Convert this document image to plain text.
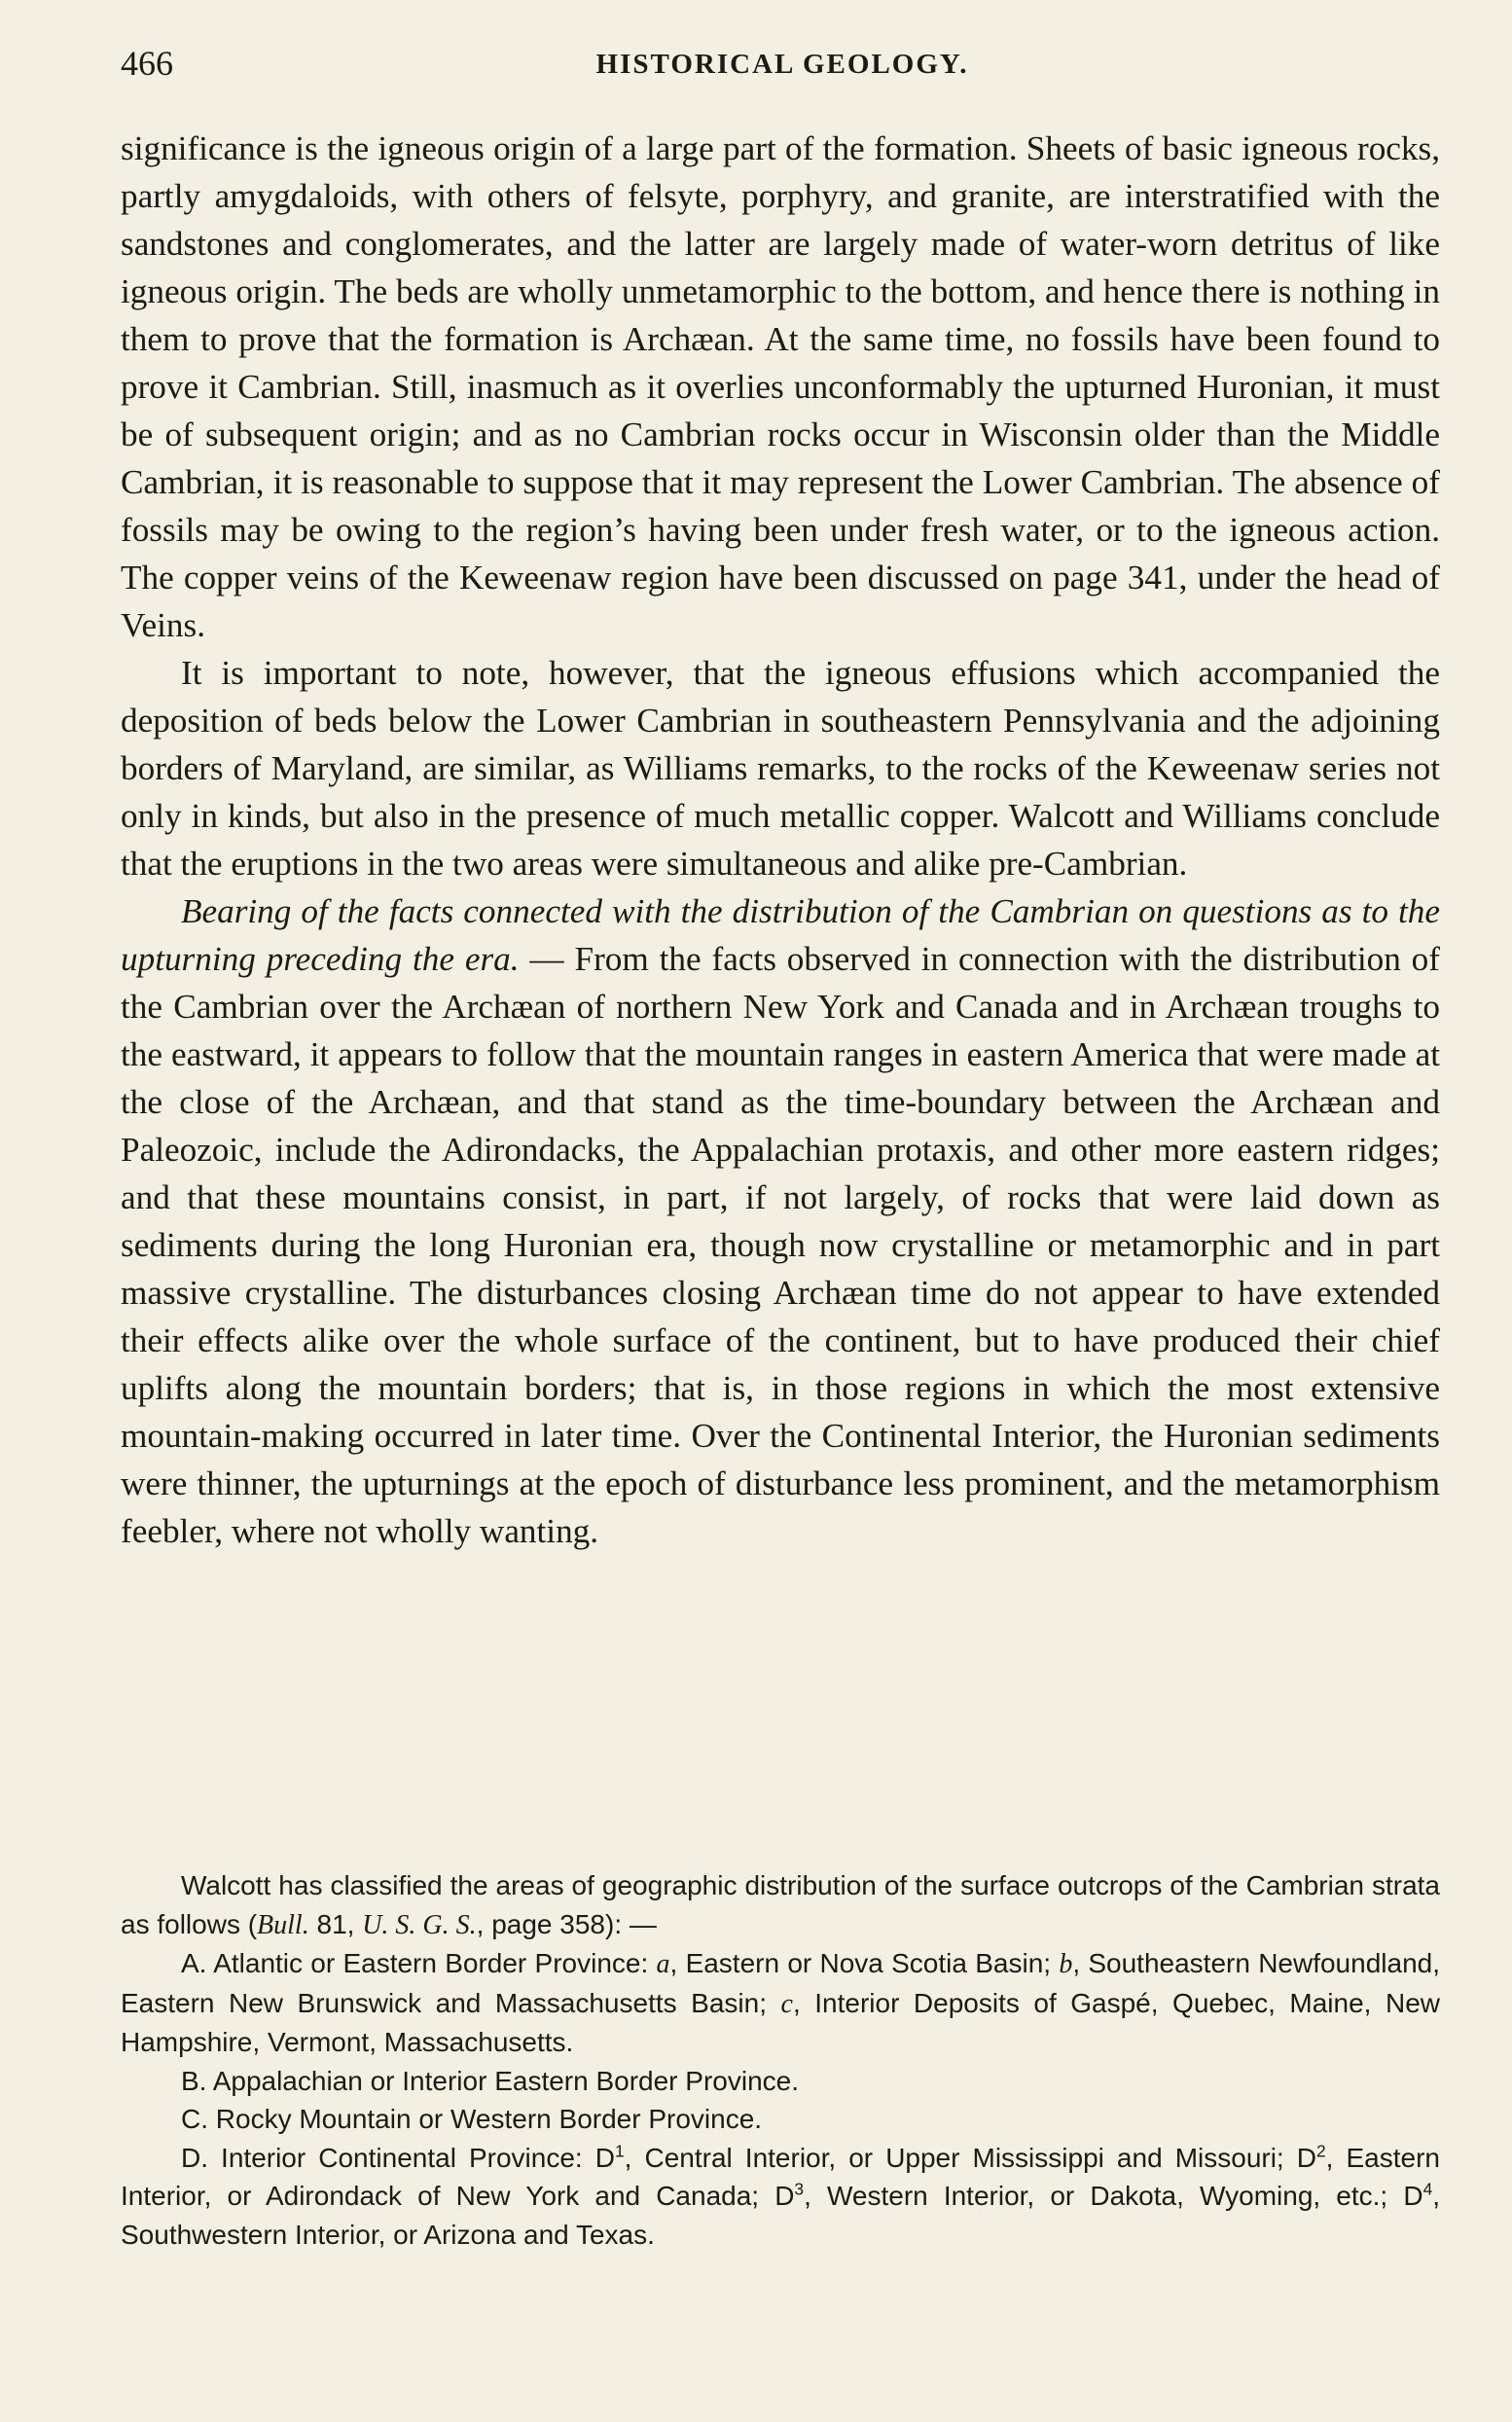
466	HISTORICAL GEOLOGY.

significance is the igneous origin of a large part of the formation. Sheets of basic igneous rocks, partly amygdaloids, with others of felsyte, porphyry, and granite, are interstratified with the sandstones and conglomerates, and the latter are largely made of water-worn detritus of like igneous origin. The beds are wholly unmetamorphic to the bottom, and hence there is nothing in them to prove that the formation is Archæan. At the same time, no fossils have been found to prove it Cambrian. Still, inasmuch as it overlies unconformably the upturned Huronian, it must be of subsequent origin; and as no Cambrian rocks occur in Wisconsin older than the Middle Cambrian, it is reasonable to suppose that it may represent the Lower Cambrian. The absence of fossils may be owing to the region’s having been under fresh water, or to the igneous action. The copper veins of the Keweenaw region have been discussed on page 341, under the head of Veins.

It is important to note, however, that the igneous effusions which accompanied the deposition of beds below the Lower Cambrian in southeastern Pennsylvania and the adjoining borders of Maryland, are similar, as Williams remarks, to the rocks of the Keweenaw series not only in kinds, but also in the presence of much metallic copper. Walcott and Williams conclude that the eruptions in the two areas were simultaneous and alike pre-Cambrian.

Bearing of the facts connected with the distribution of the Cambrian on questions as to the upturning preceding the era. — From the facts observed in connection with the distribution of the Cambrian over the Archæan of northern New York and Canada and in Archæan troughs to the eastward, it appears to follow that the mountain ranges in eastern America that were made at the close of the Archæan, and that stand as the time-boundary between the Archæan and Paleozoic, include the Adirondacks, the Appalachian protaxis, and other more eastern ridges; and that these mountains consist, in part, if not largely, of rocks that were laid down as sediments during the long Huronian era, though now crystalline or metamorphic and in part massive crystalline. The disturbances closing Archæan time do not appear to have extended their effects alike over the whole surface of the continent, but to have produced their chief uplifts along the mountain borders; that is, in those regions in which the most extensive mountain-making occurred in later time. Over the Continental Interior, the Huronian sediments were thinner, the upturnings at the epoch of disturbance less prominent, and the metamorphism feebler, where not wholly wanting.

Walcott has classified the areas of geographic distribution of the surface outcrops of the Cambrian strata as follows (Bull. 81, U. S. G. S., page 358): —

A. Atlantic or Eastern Border Province: a, Eastern or Nova Scotia Basin; b, Southeastern Newfoundland, Eastern New Brunswick and Massachusetts Basin; c, Interior Deposits of Gaspé, Quebec, Maine, New Hampshire, Vermont, Massachusetts.

B. Appalachian or Interior Eastern Border Province.

C. Rocky Mountain or Western Border Province.

D. Interior Continental Province: $D^1$, Central Interior, or Upper Mississippi and Missouri; $D^2$, Eastern Interior, or Adirondack of New York and Canada; $D^3$, Western Interior, or Dakota, Wyoming, etc.; $D^4$, Southwestern Interior, or Arizona and Texas.
